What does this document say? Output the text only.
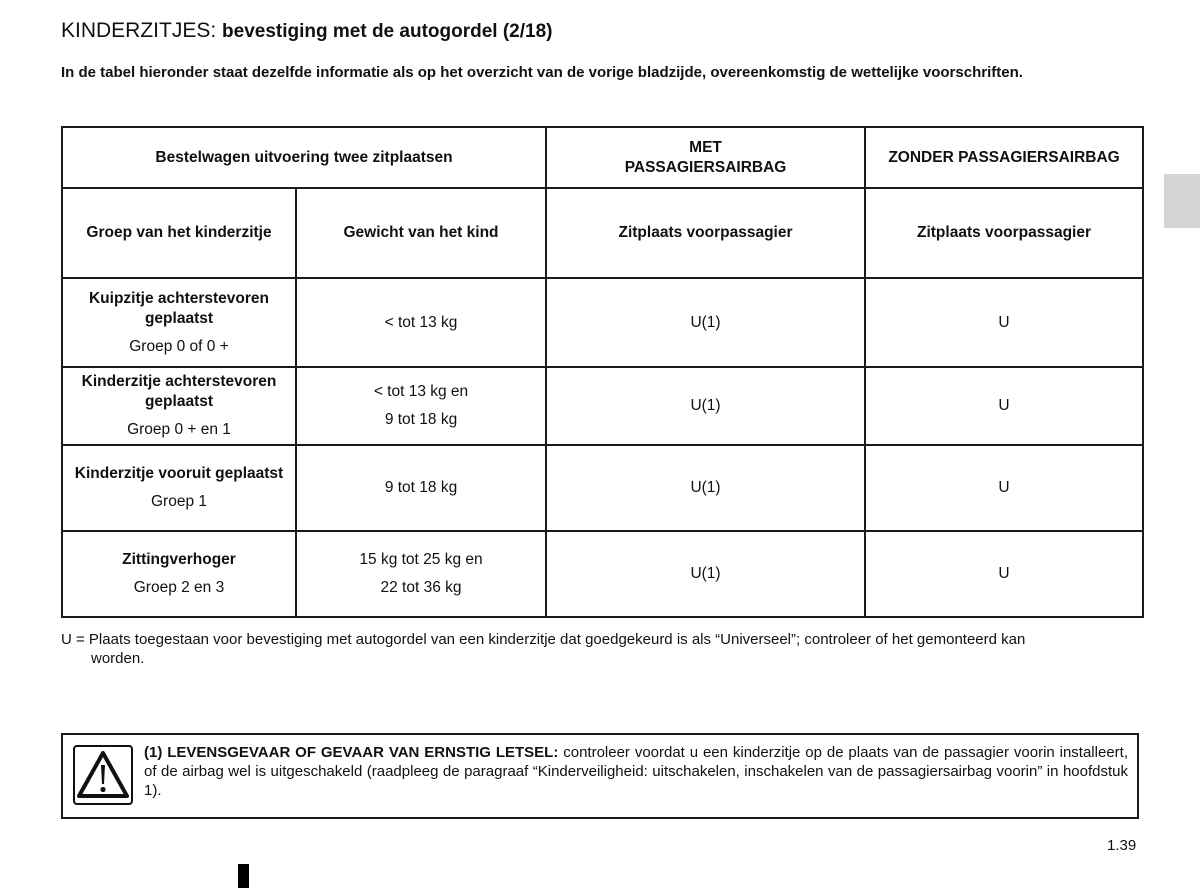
KINDERZITJES: bevestiging met de autogordel (2/18)

In de tabel hieronder staat dezelfde informatie als op het overzicht van de vorige bladzijde, overeenkomstig de wettelijke voorschriften.

Bestelwagen uitvoering twee zitplaatsen		MET
PASSAGIERSAIRBAG	ZONDER PASSAGIERSAIRBAG
Groep van het kinderzitje	Gewicht van het kind	Zitplaats voorpassagier	Zitplaats voorpassagier

Kuipzitje achterstevoren geplaatst
Groep 0 of 0 +	< tot 13 kg	U(1)	U

Kinderzitje achterstevoren geplaatst
Groep 0 + en 1	< tot 13 kg en
9 tot 18 kg	U(1)	U

Kinderzitje vooruit geplaatst
Groep 1	9 tot 18 kg	U(1)	U

Zittingverhoger
Groep 2 en 3	15 kg tot 25 kg en
22 tot 36 kg	U(1)	U
U = Plaats toegestaan voor bevestiging met autogordel van een kinderzitje dat goedgekeurd is als “Universeel”; controleer of het gemonteerd kan
worden.
(1) LEVENSGEVAAR OF GEVAAR VAN ERNSTIG LETSEL: controleer voordat u een kinderzitje op de plaats van de passagier voorin installeert, of de airbag wel is uitgeschakeld (raadpleeg de paragraaf “Kinderveiligheid: uitschakelen, inschakelen van de passagiersairbag voorin” in hoofdstuk 1).
1.39
